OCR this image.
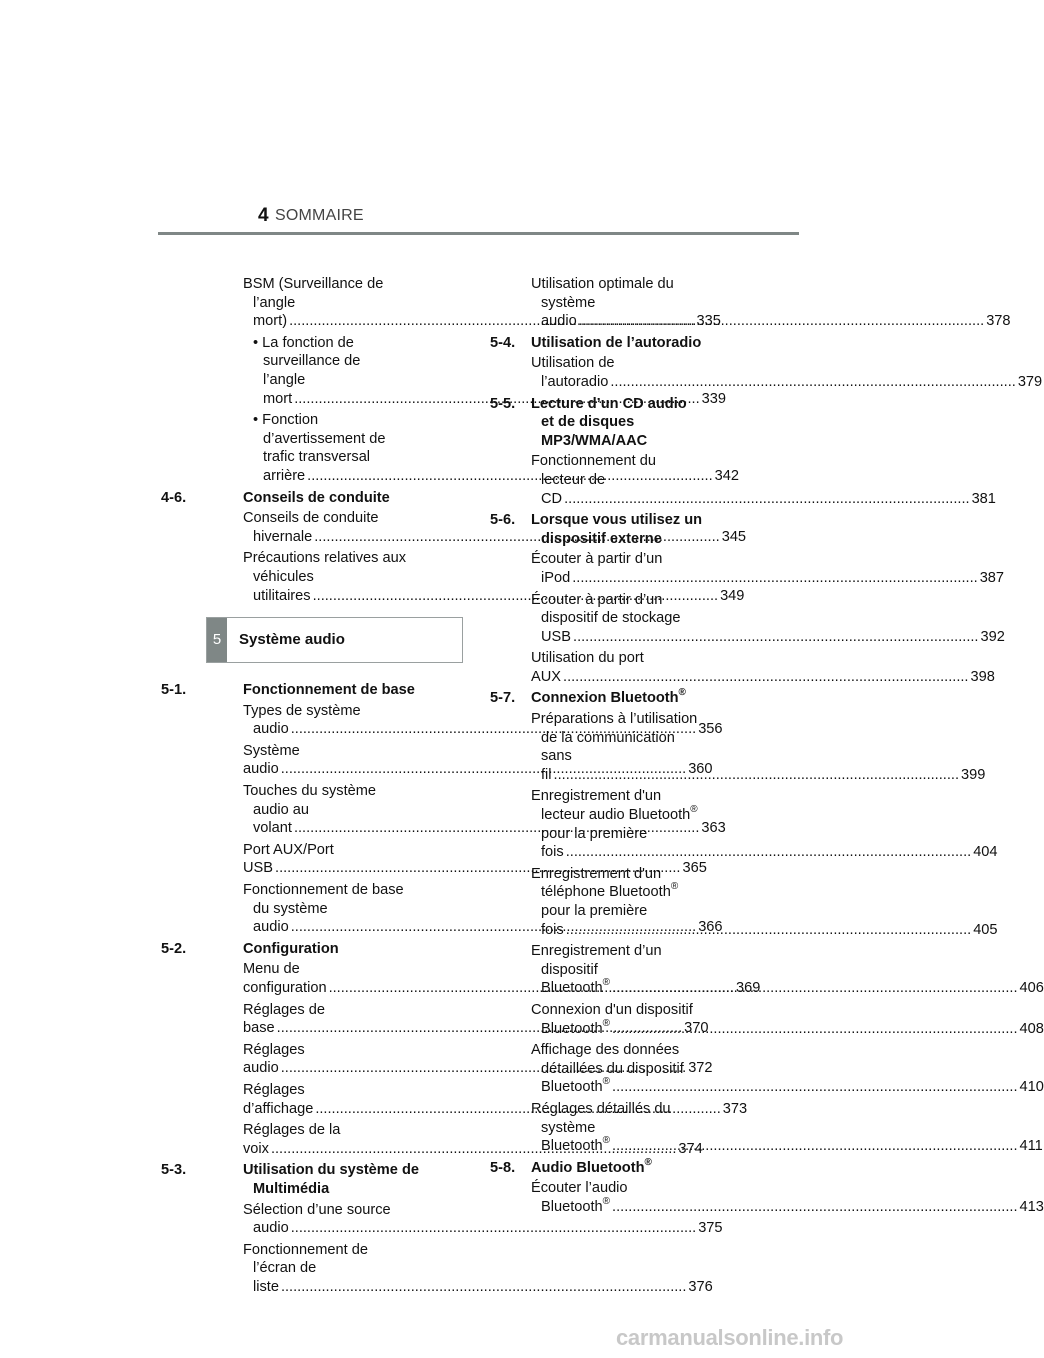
4 SOMMAIRE
BSM (Surveillance de
l’angle mort) .....	335
• La fonction de
surveillance de
l’angle mort .....	339
• Fonction
d’avertissement de
trafic transversal
arrière .....	342
4-6.	Conseils de conduite
Conseils de conduite
hivernale .....	345
Précautions relatives aux
véhicules utilitaires .....	349
5	Système audio
5-1.	Fonctionnement de base
Types de système
audio .....	356
Système audio .....	360
Touches du système
audio au volant .....	363
Port AUX/Port USB .....	365
Fonctionnement de base
du système audio .....	366
5-2.	Configuration
Menu de configuration .....	369
Réglages de base .....	370
Réglages audio .....	372
Réglages d’affichage .....	373
Réglages de la voix .....	374
5-3.	Utilisation du système de
Multimédia
Sélection d’une source
audio .....	375
Fonctionnement de
l’écran de liste .....	376
Utilisation optimale du
système audio .....	378
5-4. Utilisation de l’autoradio
Utilisation de
l’autoradio .....	379
5-5. Lecture d’un CD audio
et de disques
MP3/WMA/AAC
Fonctionnement du
lecteur de CD .....	381
5-6. Lorsque vous utilisez un
dispositif externe
Écouter à partir d’un
iPod .....	387
Écouter à partir d’un
dispositif de stockage
USB .....	392
Utilisation du port AUX .....	398
5-7. Connexion Bluetooth®
Préparations à l’utilisation
de la communication
sans fil .....	399
Enregistrement d'un
lecteur audio Bluetooth®
pour la première fois .....	404
Enregistrement d'un
téléphone Bluetooth®
pour la première fois .....	405
Enregistrement d’un
dispositif Bluetooth® .....	406
Connexion d'un dispositif
Bluetooth® .....	408
Affichage des données
détaillées du dispositif
Bluetooth® .....	410
Réglages détaillés du
système Bluetooth® .....	411
5-8. Audio Bluetooth®
Écouter l’audio
Bluetooth® .....	413
carmanualsonline.info
